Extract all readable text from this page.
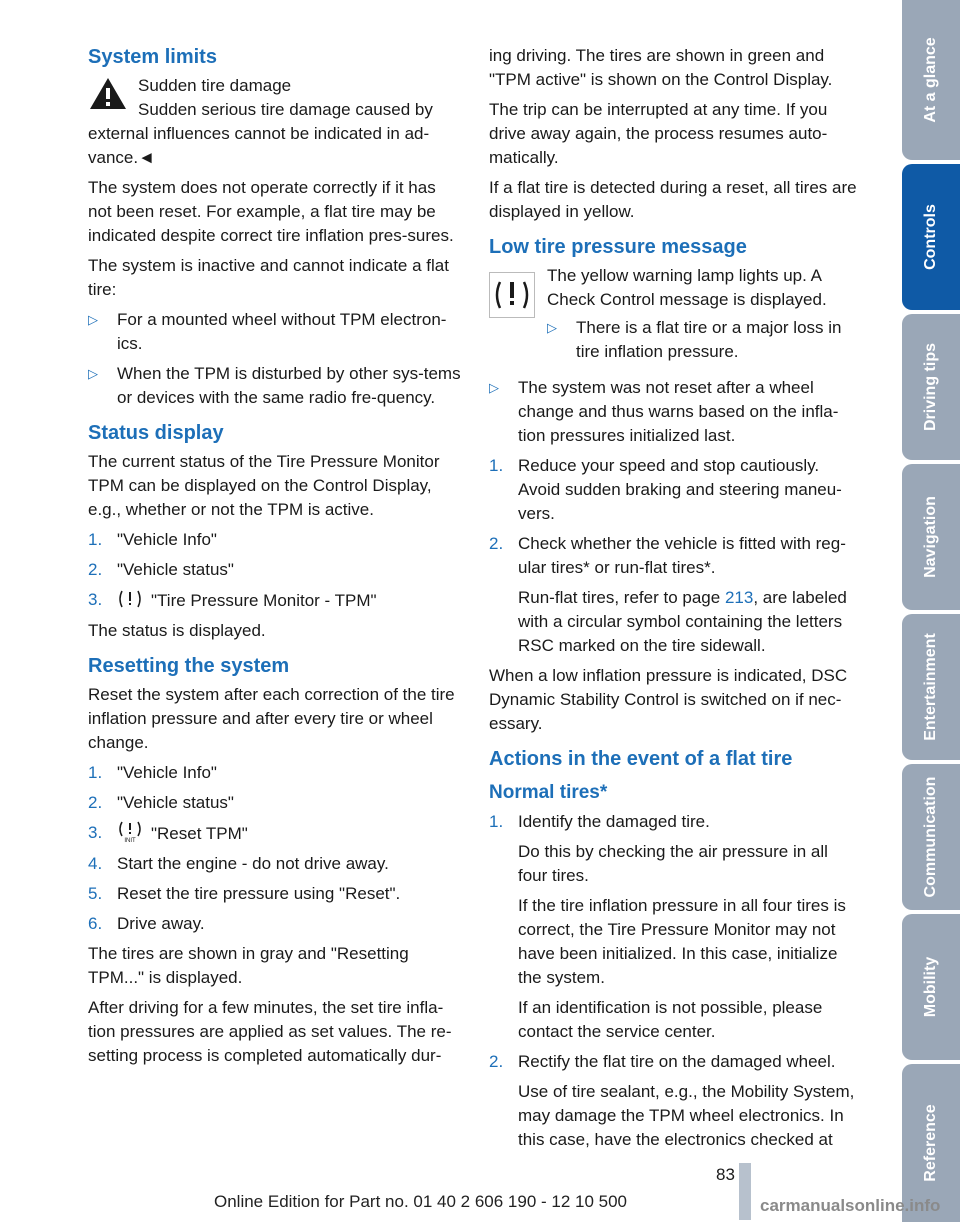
System limits
Sudden tire damage
Sudden serious tire damage caused by
external influences cannot be indicated in ad-vance.◄

The system does not operate correctly if it has not been reset. For example, a flat tire may be indicated despite correct tire inflation pres-sures.

The system is inactive and cannot indicate a flat tire:

▷ For a mounted wheel without TPM electron-ics.
▷ When the TPM is disturbed by other sys-tems or devices with the same radio fre-quency.
Status display

The current status of the Tire Pressure Monitor TPM can be displayed on the Control Display, e.g., whether or not the TPM is active.

1. "Vehicle Info"
2. "Vehicle status"
3.	"Tire Pressure Monitor - TPM"

The status is displayed.

Resetting the system

Reset the system after each correction of the tire inflation pressure and after every tire or wheel change.

1. "Vehicle Info"
2. "Vehicle status"
3.	INIT "Reset TPM"
4. Start the engine - do not drive away.
5. Reset the tire pressure using "Reset".
6. Drive away.

The tires are shown in gray and "Resetting TPM..." is displayed.

After driving for a few minutes, the set tire infla-tion pressures are applied as set values. The re-setting process is completed automatically dur-

ing driving. The tires are shown in green and "TPM active" is shown on the Control Display.

The trip can be interrupted at any time. If you drive away again, the process resumes auto-matically.

If a flat tire is detected during a reset, all tires are displayed in yellow.

Low tire pressure message

The yellow warning lamp lights up. A Check Control message is displayed.

▷ There is a flat tire or a major loss in tire inflation pressure.
▷ The system was not reset after a wheel change and thus warns based on the infla-tion pressures initialized last.
1. Reduce your speed and stop cautiously. Avoid sudden braking and steering maneu-vers.
2. Check whether the vehicle is fitted with reg-ular tires* or run-flat tires*.

Run-flat tires, refer to page 213, are labeled with a circular symbol containing the letters RSC marked on the tire sidewall.

When a low inflation pressure is indicated, DSC Dynamic Stability Control is switched on if nec-essary.

Actions in the event of a flat tire
Normal tires*
1. Identify the damaged tire.

Do this by checking the air pressure in all four tires.

If the tire inflation pressure in all four tires is correct, the Tire Pressure Monitor may not have been initialized. In this case, initialize the system.

If an identification is not possible, please contact the service center.

2. Rectify the flat tire on the damaged wheel.

Use of tire sealant, e.g., the Mobility System, may damage the TPM wheel electronics. In this case, have the electronics checked at

At a glance
Controls
Driving tips
Navigation
Entertainment
Communication
Mobility
Reference
83
Online Edition for Part no. 01 40 2 606 190 - 12 10 500	carmanualsonline.info
